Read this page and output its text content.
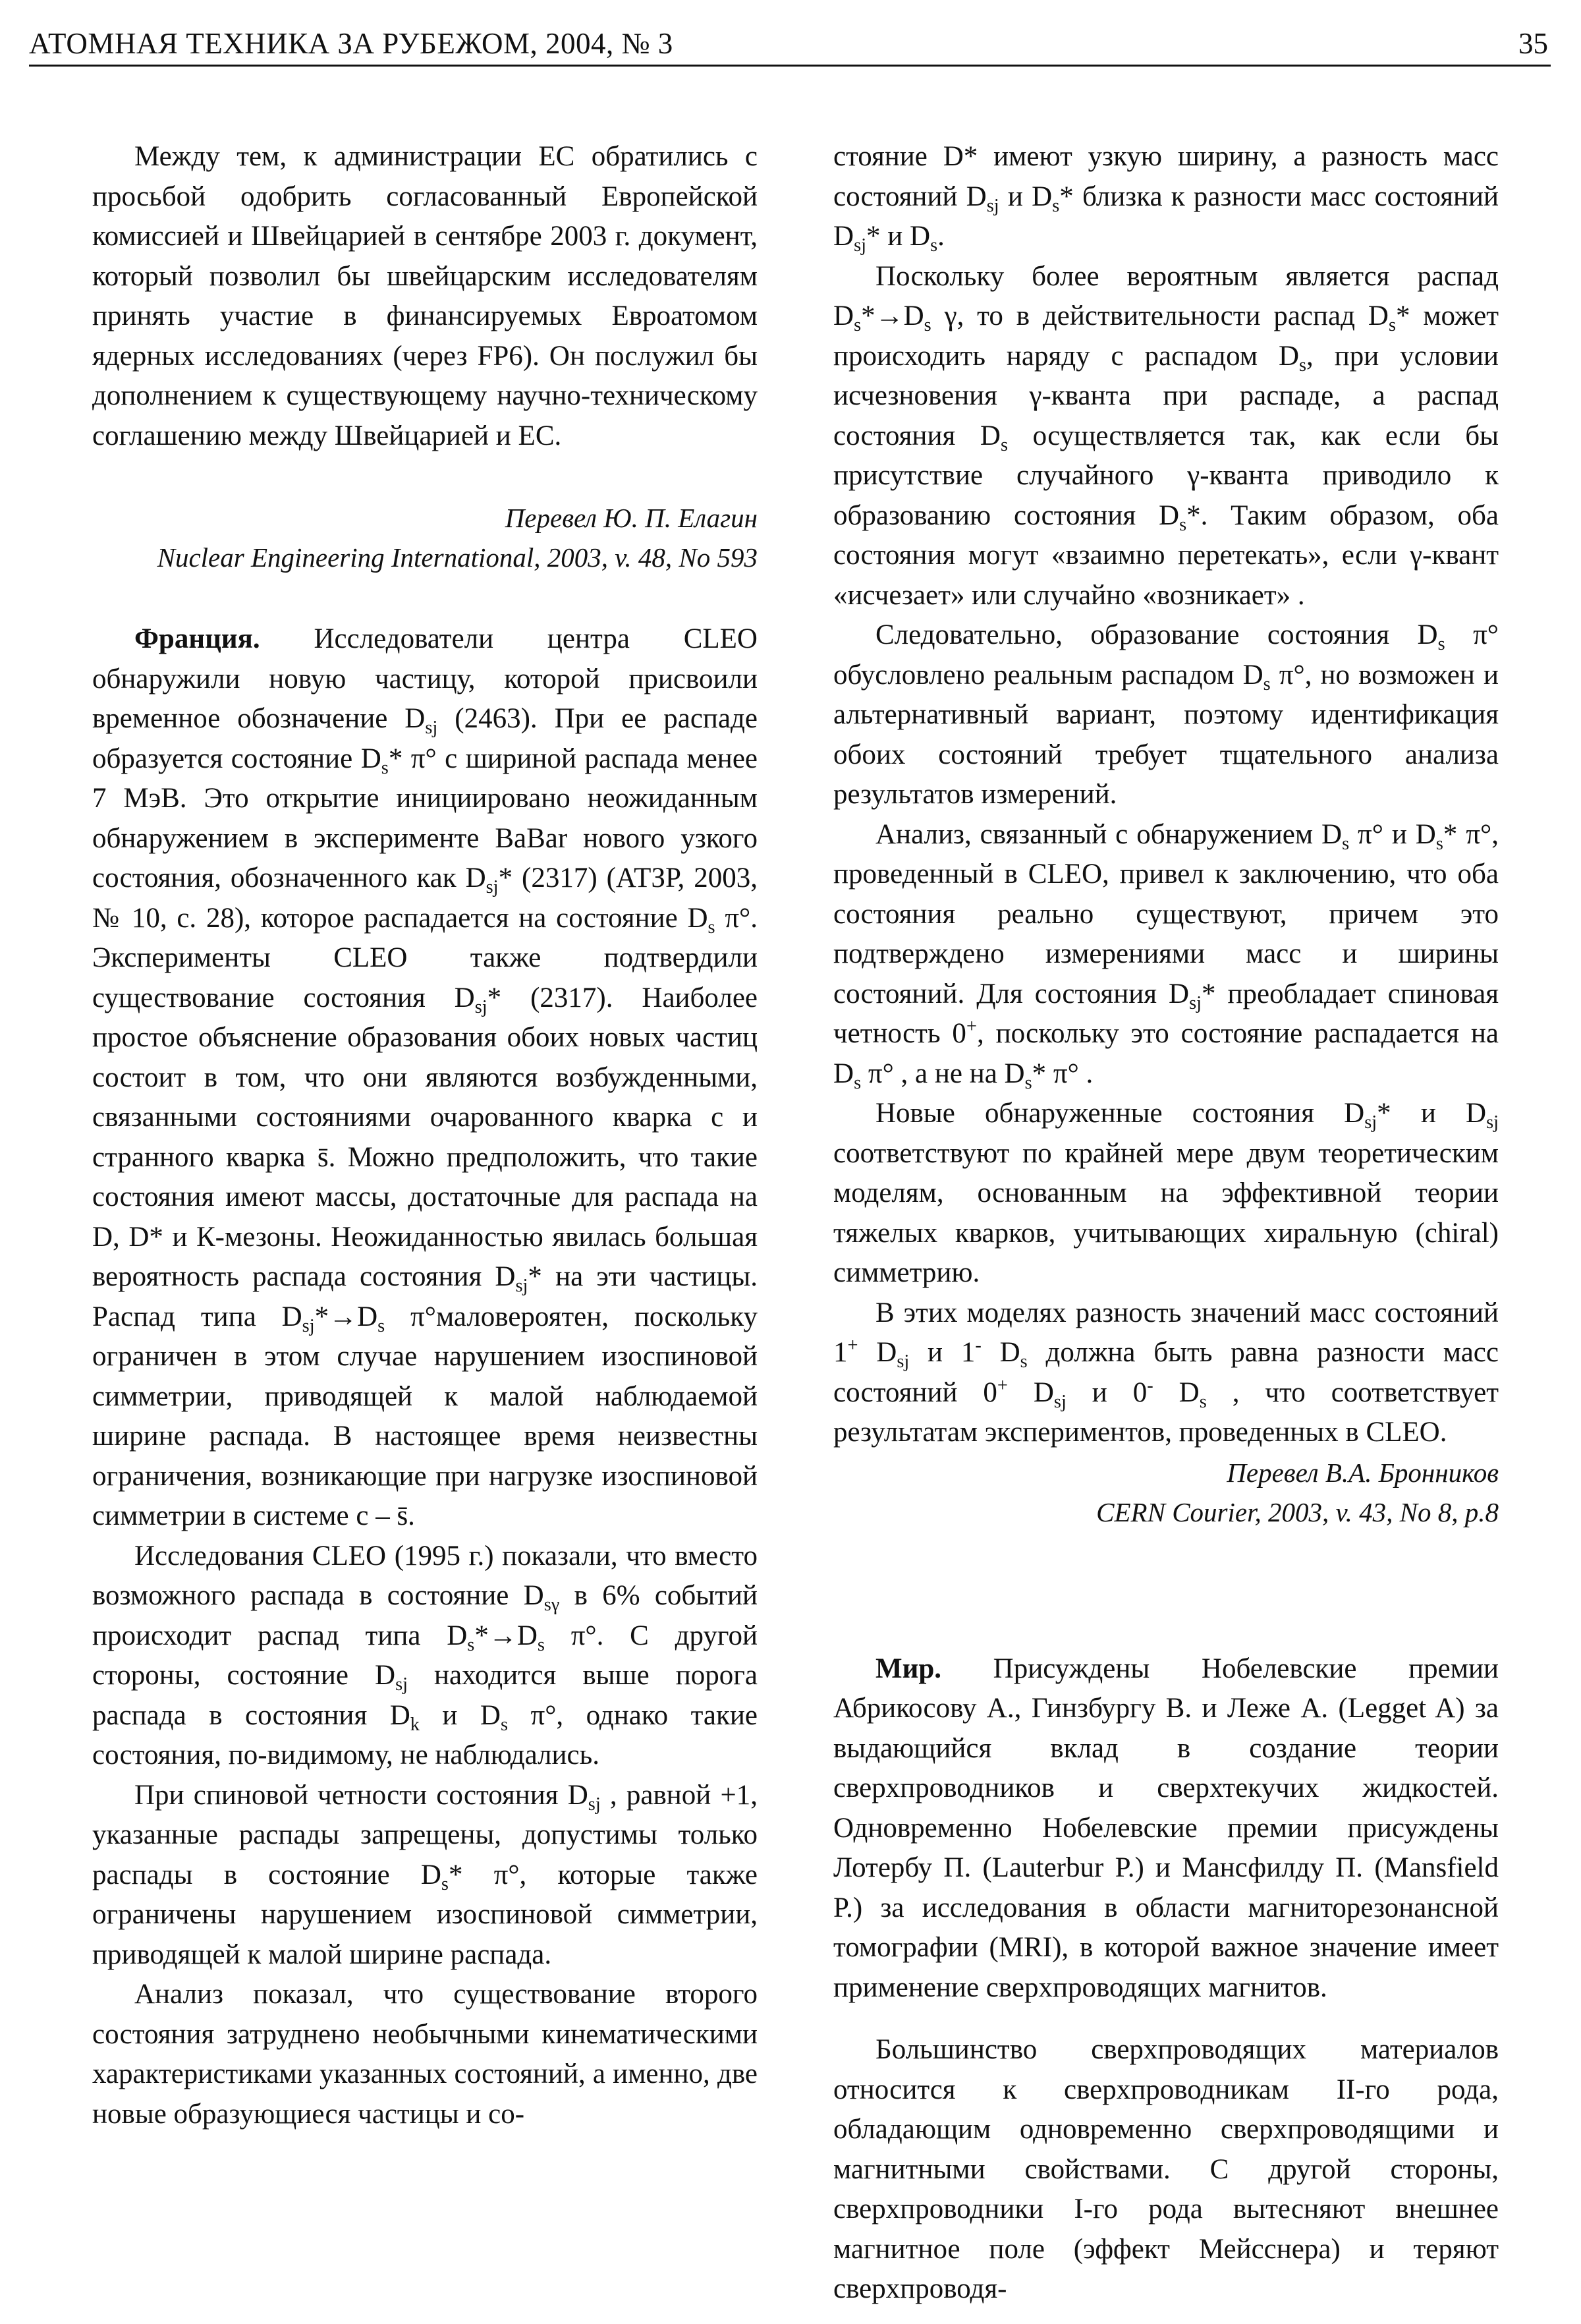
АТОМНАЯ ТЕХНИКА ЗА РУБЕЖОМ, 2004, № 3	35

Между тем, к администрации ЕС обратились с просьбой одобрить согласованный Европейской комиссией и Швейцарией в сентябре 2003 г. документ, который позволил бы швейцарским исследователям принять участие в финансируемых Евроатомом ядерных исследованиях (через FP6). Он послужил бы дополнением к существующему научно-техническому соглашению между Швейцарией и ЕС.

Перевел Ю. П. Елагин
Nuclear Engineering International, 2003, v. 48, No 593

Франция. Исследователи центра CLEO обнаружили новую частицу, которой присвоили временное обозначение $D_{sj}$ (2463). При ее распаде образуется состояние $D_s*$ π° с шириной распада менее 7 МэВ. Это открытие инициировано неожиданным обнаружением в эксперименте BaBar нового узкого состояния, обозначенного как $D_{sj}*$ (2317) (АТЗР, 2003, № 10, с. 28), которое распадается на состояние $D_s$ π°. Эксперименты CLEO также подтвердили существование состояния $D_{sj}*$ (2317). Наиболее простое объяснение образования обоих новых частиц состоит в том, что они являются возбужденными, связанными состояниями очарованного кварка с и странного кварка s̄. Можно предположить, что такие состояния имеют массы, достаточные для распада на D, D* и К-мезоны. Неожиданностью явилась большая вероятность распада состояния $D_{sj}*$ на эти частицы. Распад типа $D_{sj}*\to D_s$ π°маловероятен, поскольку ограничен в этом случае нарушением изоспиновой симметрии, приводящей к малой наблюдаемой ширине распада. В настоящее время неизвестны ограничения, возникающие при нагрузке изоспиновой симметрии в системе с – s̄.

Исследования CLEO (1995 г.) показали, что вместо возможного распада в состояние $D_{s\gamma}$ в 6% событий происходит распад типа $D_s*\to D_s$ π°. С другой стороны, состояние $D_{sj}$ находится выше порога распада в состояния $D_k$ и $D_s$ π°, однако такие состояния, по-видимому, не наблюдались.

При спиновой четности состояния $D_{sj}$ , равной +1, указанные распады запрещены, допустимы только распады в состояние $D_s*$ π°, которые также ограничены нарушением изоспиновой симметрии, приводящей к малой ширине распада.

Анализ показал, что существование второго состояния затруднено необычными кинематическими характеристиками указанных состояний, а именно, две новые образующиеся частицы и со-

стояние D* имеют узкую ширину, а разность масс состояний $D_{sj}$ и $D_s*$ близка к разности масс состояний $D_{sj}*$ и $D_s$.

Поскольку более вероятным является распад $D_s*\to D_s$ γ, то в действительности распад $D_s*$ может происходить наряду с распадом $D_s$, при условии исчезновения γ-кванта при распаде, а распад состояния $D_s$ осуществляется так, как если бы присутствие случайного γ-кванта приводило к образованию состояния $D_s*$. Таким образом, оба состояния могут «взаимно перетекать», если γ-квант «исчезает» или случайно «возникает» .

Следовательно, образование состояния $D_s$ π° обусловлено реальным распадом $D_s$ π°, но возможен и альтернативный вариант, поэтому идентификация обоих состояний требует тщательного анализа результатов измерений.

Анализ, связанный с обнаружением $D_s$ π° и $D_s*$ π°, проведенный в CLEO, привел к заключению, что оба состояния реально существуют, причем это подтверждено измерениями масс и ширины состояний. Для состояния $D_{sj}*$ преобладает спиновая четность 0+, поскольку это состояние распадается на $D_s$ π° , а не на $D_s*$ π° .

Новые обнаруженные состояния $D_{sj}*$ и $D_{sj}$ соответствуют по крайней мере двум теоретическим моделям, основанным на эффективной теории тяжелых кварков, учитывающих хиральную (chiral) симметрию.

В этих моделях разность значений масс состояний 1+ $D_{sj}$ и 1- $D_s$ должна быть равна разности масс состояний 0+ $D_{sj}$ и 0- $D_s$ , что соответствует результатам экспериментов, проведенных в CLEO.

Перевел В.А. Бронников
CERN Courier, 2003, v. 43, No 8, p.8

Мир. Присуждены Нобелевские премии Абрикосову А., Гинзбургу В. и Леже А. (Legget A) за выдающийся вклад в создание теории сверхпроводников и сверхтекучих жидкостей. Одновременно Нобелевские премии присуждены Лотербу П. (Lauterbur P.) и Мансфилду П. (Mansfield P.) за исследования в области магниторезонансной томографии (MRI), в которой важное значение имеет применение сверхпроводящих магнитов.

Большинство сверхпроводящих материалов относится к сверхпроводникам II-го рода, обладающим одновременно сверхпроводящими и магнитными свойствами. С другой стороны, сверхпроводники I-го рода вытесняют внешнее магнитное поле (эффект Мейсснера) и теряют сверхпроводя-
